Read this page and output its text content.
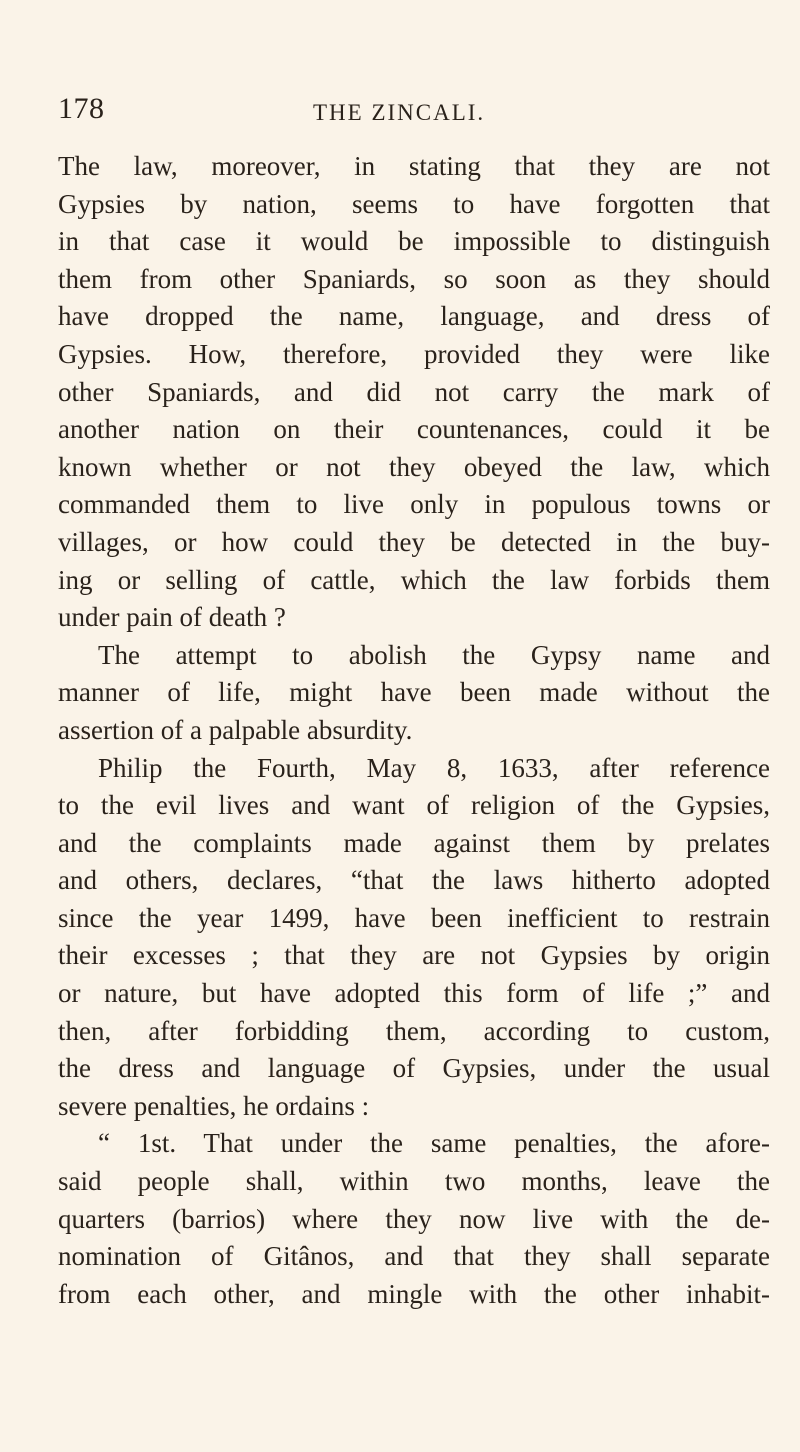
178	THE ZINCALI.
The law, moreover, in stating that they are not
Gypsies by nation, seems to have forgotten that
in that case it would be impossible to distinguish
them from other Spaniards, so soon as they should
have dropped the name, language, and dress of
Gypsies. How, therefore, provided they were like
other Spaniards, and did not carry the mark of
another nation on their countenances, could it be
known whether or not they obeyed the law, which
commanded them to live only in populous towns or
villages, or how could they be detected in the buy-
ing or selling of cattle, which the law forbids them
under pain of death ?
The attempt to abolish the Gypsy name and
manner of life, might have been made without the
assertion of a palpable absurdity.
Philip the Fourth, May 8, 1633, after reference
to the evil lives and want of religion of the Gypsies,
and the complaints made against them by prelates
and others, declares, “that the laws hitherto adopted
since the year 1499, have been inefficient to restrain
their excesses ; that they are not Gypsies by origin
or nature, but have adopted this form of life ;” and
then, after forbidding them, according to custom,
the dress and language of Gypsies, under the usual
severe penalties, he ordains :
“ 1st. That under the same penalties, the afore-
said people shall, within two months, leave the
quarters (barrios) where they now live with the de-
nomination of Gitânos, and that they shall separate
from each other, and mingle with the other inhabit-
